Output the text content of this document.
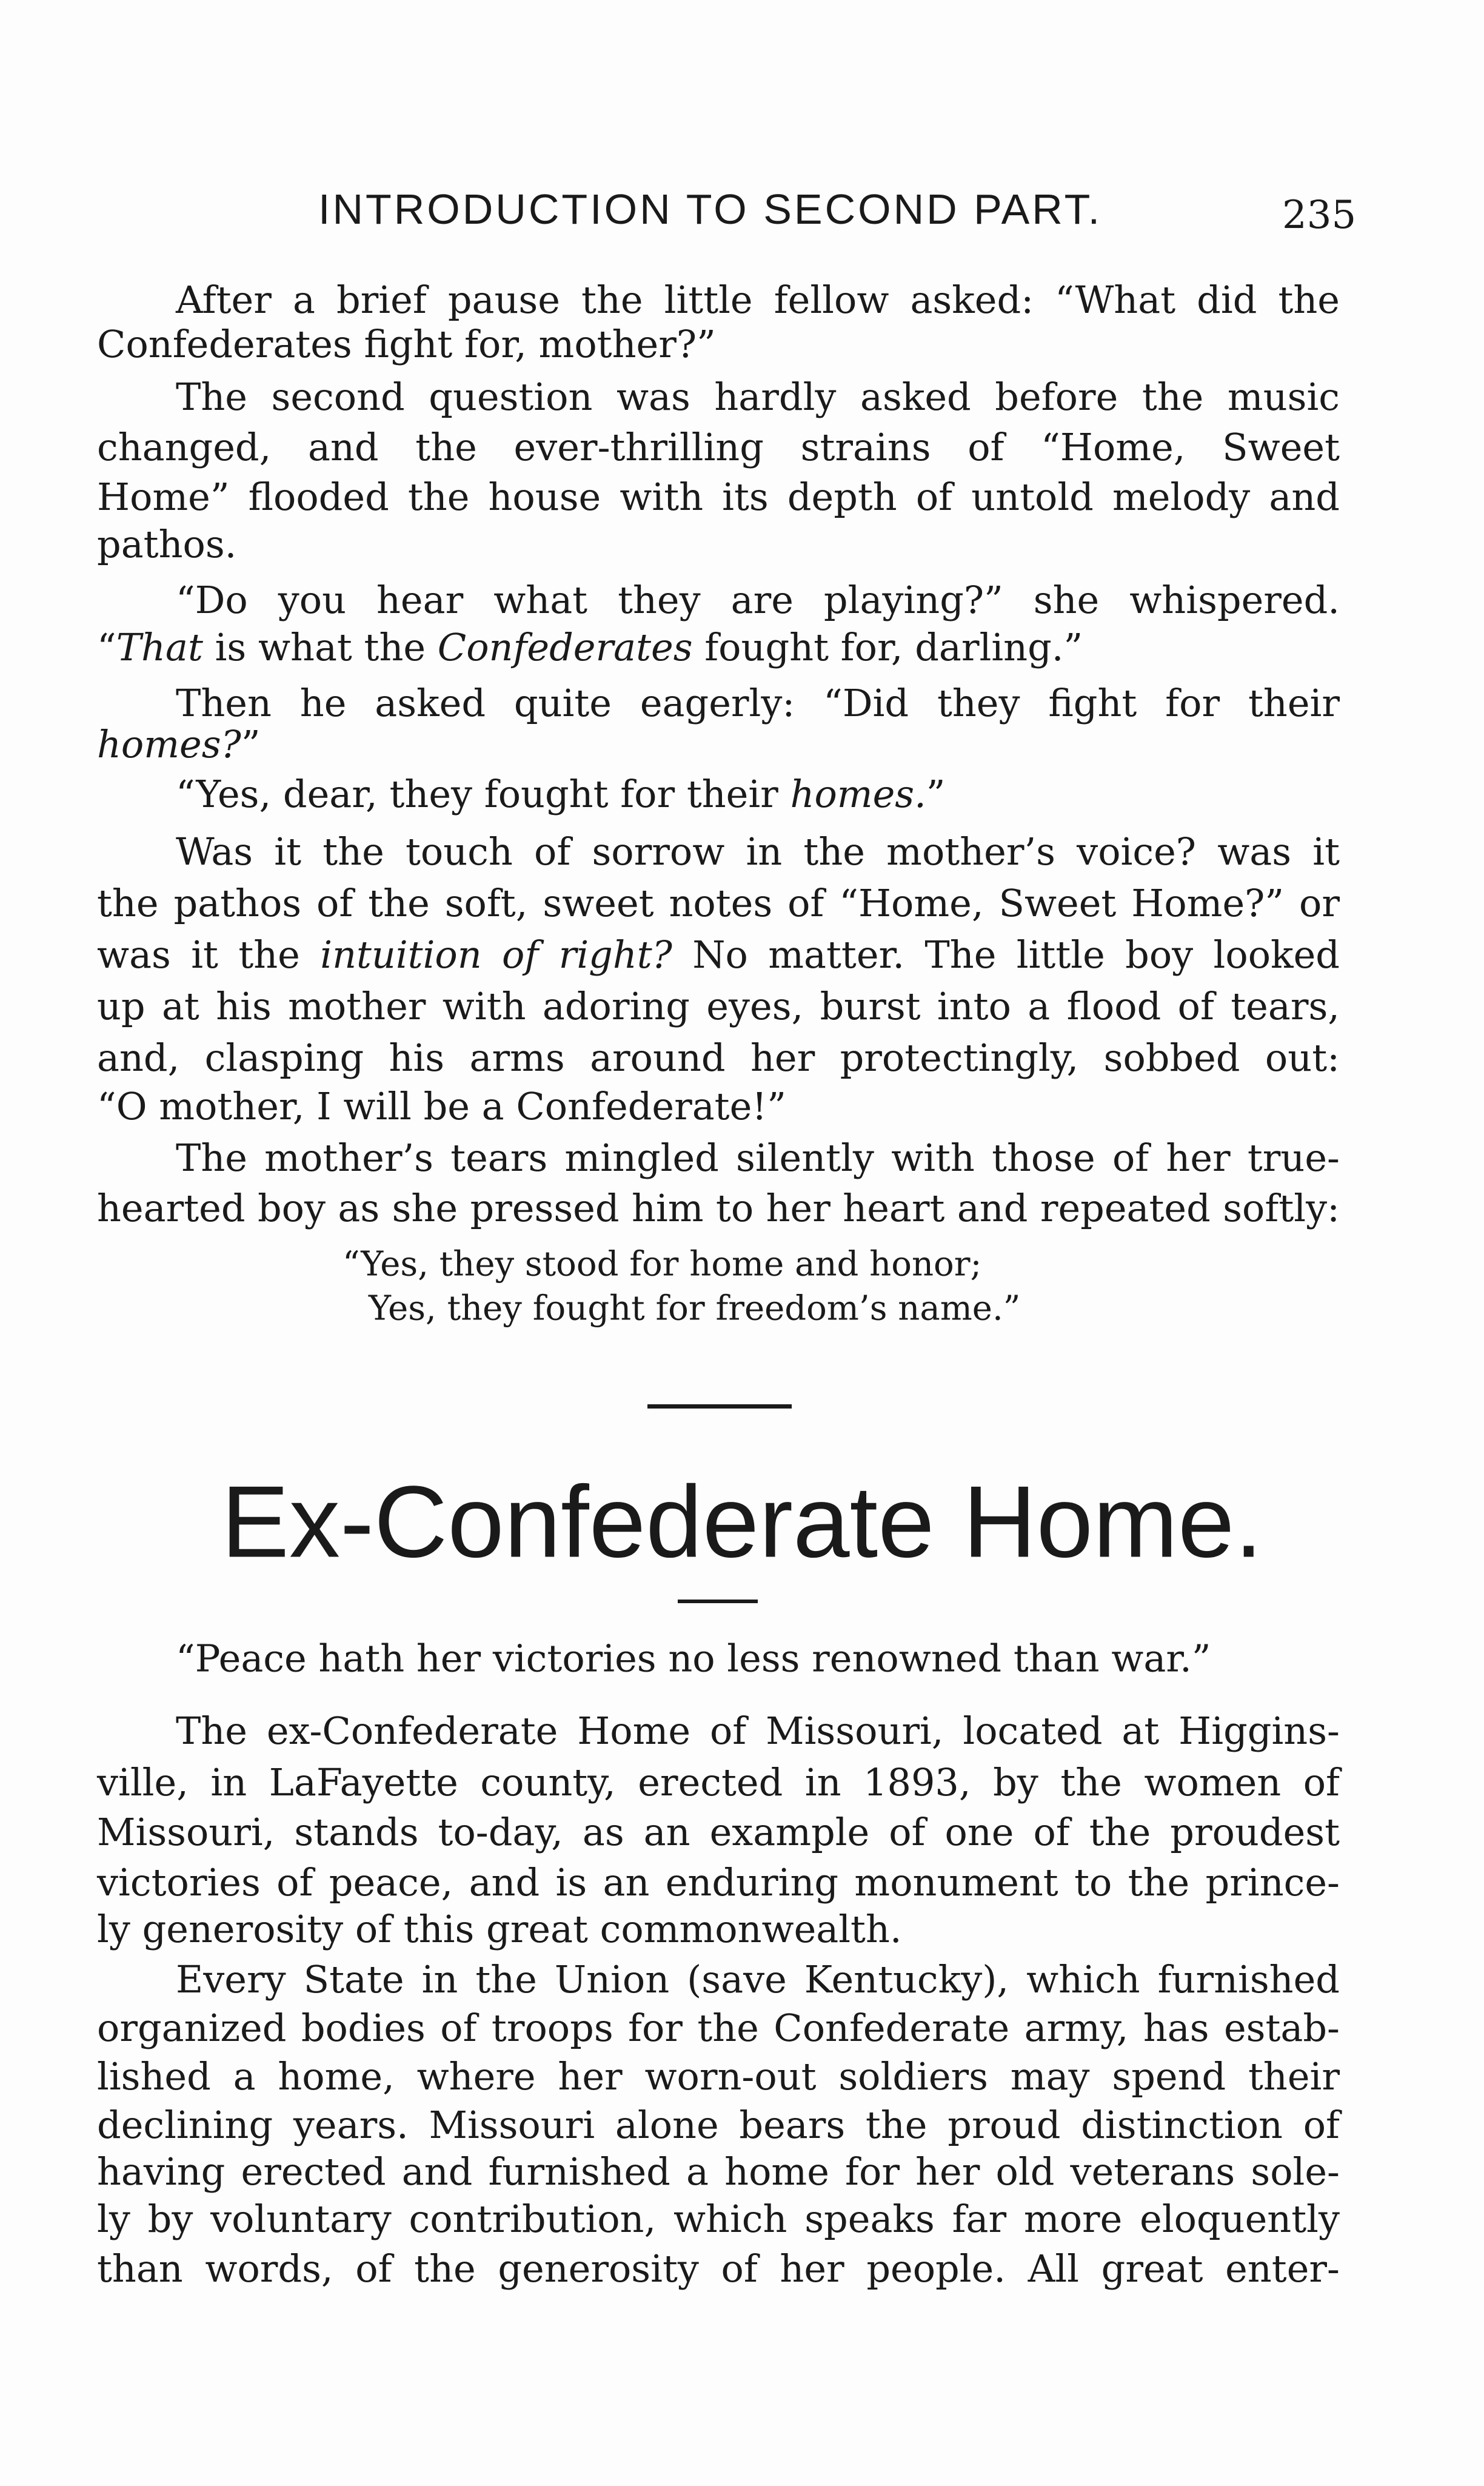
INTRODUCTION TO SECOND PART.	235
After a brief pause the little fellow asked: “What did the
Confederates fight for, mother?”
The second question was hardly asked before the music
changed, and the ever-thrilling strains of “Home, Sweet
Home” flooded the house with its depth of untold melody and
pathos.
“Do you hear what they are playing?” she whispered.
“That is what the Confederates fought for, darling.”
Then he asked quite eagerly: “Did they fight for their
homes?”
“Yes, dear, they fought for their homes.”
Was it the touch of sorrow in the mother’s voice? was it
the pathos of the soft, sweet notes of “Home, Sweet Home?” or
was it the intuition of right? No matter. The little boy looked
up at his mother with adoring eyes, burst into a flood of tears,
and, clasping his arms around her protectingly, sobbed out:
“O mother, I will be a Confederate!”
The mother’s tears mingled silently with those of her true-
hearted boy as she pressed him to her heart and repeated softly:
“Yes, they stood for home and honor;
Yes, they fought for freedom’s name.”
Ex-Confederate Home.
“Peace hath her victories no less renowned than war.”
The ex-Confederate Home of Missouri, located at Higgins-
ville, in LaFayette county, erected in 1893, by the women of
Missouri, stands to-day, as an example of one of the proudest
victories of peace, and is an enduring monument to the prince-
ly generosity of this great commonwealth.
Every State in the Union (save Kentucky), which furnished
organized bodies of troops for the Confederate army, has estab-
lished a home, where her worn-out soldiers may spend their
declining years. Missouri alone bears the proud distinction of
having erected and furnished a home for her old veterans sole-
ly by voluntary contribution, which speaks far more eloquently
than words, of the generosity of her people. All great enter-
